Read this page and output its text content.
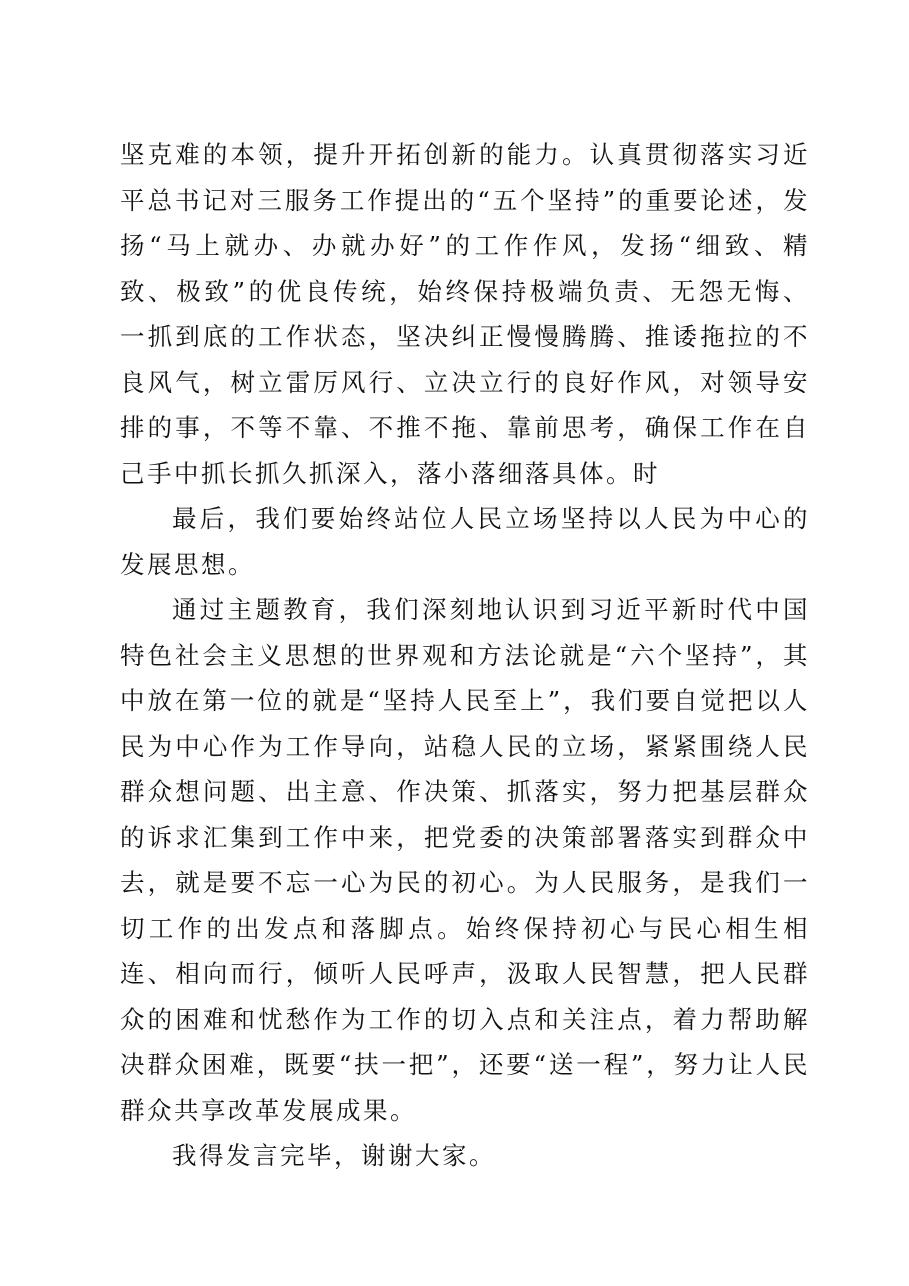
坚克难的本领，提升开拓创新的能力。认真贯彻落实习近平总书记对三服务工作提出的“五个坚持”的重要论述，发扬“马上就办、办就办好”的工作作风，发扬“细致、精致、极致”的优良传统，始终保持极端负责、无怨无悔、一抓到底的工作状态，坚决纠正慢慢腾腾、推诿拖拉的不良风气，树立雷厉风行、立决立行的良好作风，对领导安排的事，不等不靠、不推不拖、靠前思考，确保工作在自己手中抓长抓久抓深入，落小落细落具体。时

最后，我们要始终站位人民立场坚持以人民为中心的发展思想。

通过主题教育，我们深刻地认识到习近平新时代中国特色社会主义思想的世界观和方法论就是“六个坚持”，其中放在第一位的就是“坚持人民至上”，我们要自觉把以人民为中心作为工作导向，站稳人民的立场，紧紧围绕人民群众想问题、出主意、作决策、抓落实，努力把基层群众的诉求汇集到工作中来，把党委的决策部署落实到群众中去，就是要不忘一心为民的初心。为人民服务，是我们一切工作的出发点和落脚点。始终保持初心与民心相生相连、相向而行，倾听人民呼声，汲取人民智慧，把人民群众的困难和忧愁作为工作的切入点和关注点，着力帮助解决群众困难，既要“扶一把”，还要“送一程”，努力让人民群众共享改革发展成果。

我得发言完毕，谢谢大家。
